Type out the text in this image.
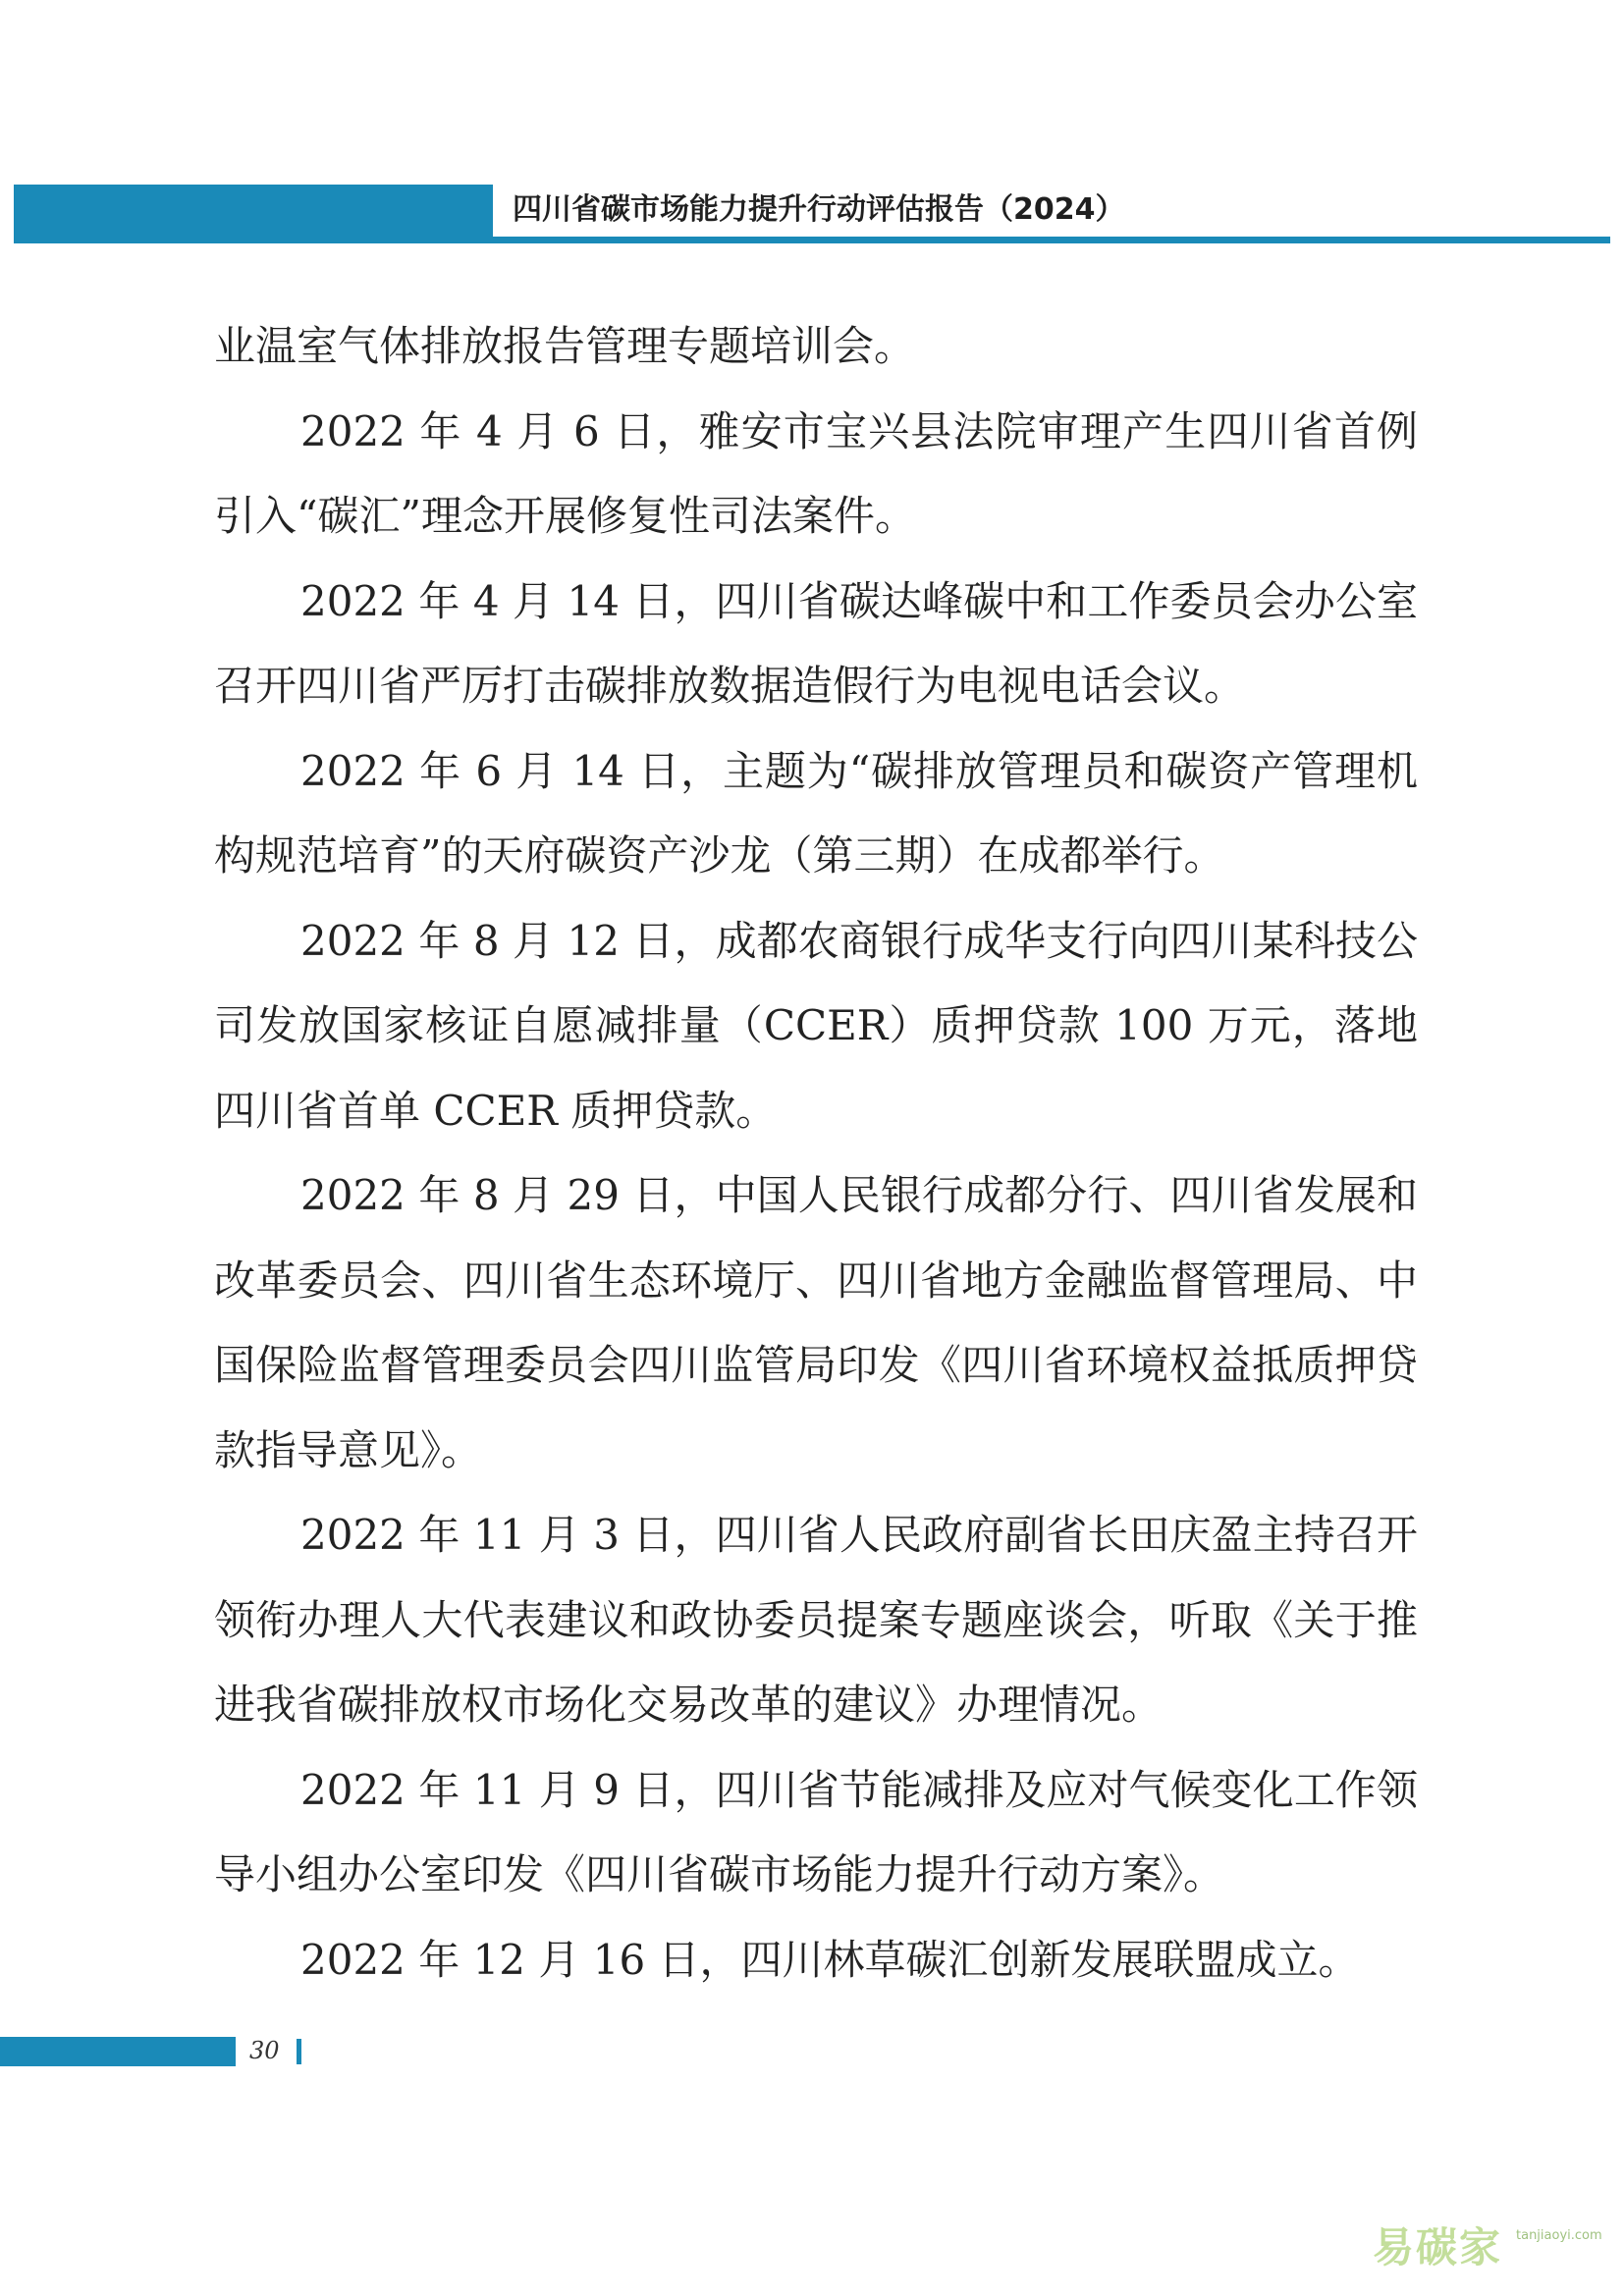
四川省碳市场能力提升行动评估报告（2024）

业温室气体排放报告管理专题培训会。

2022 年 4 月 6 日，雅安市宝兴县法院审理产生四川省首例引入“碳汇”理念开展修复性司法案件。

2022 年 4 月 14 日，四川省碳达峰碳中和工作委员会办公室召开四川省严厉打击碳排放数据造假行为电视电话会议。

2022 年 6 月 14 日，主题为“碳排放管理员和碳资产管理机构规范培育”的天府碳资产沙龙（第三期）在成都举行。

2022 年 8 月 12 日，成都农商银行成华支行向四川某科技公司发放国家核证自愿减排量（CCER）质押贷款 100 万元，落地四川省首单 CCER 质押贷款。

2022 年 8 月 29 日，中国人民银行成都分行、四川省发展和改革委员会、四川省生态环境厅、四川省地方金融监督管理局、中国保险监督管理委员会四川监管局印发《四川省环境权益抵质押贷款指导意见》。

2022 年 11 月 3 日，四川省人民政府副省长田庆盈主持召开领衔办理人大代表建议和政协委员提案专题座谈会，听取《关于推进我省碳排放权市场化交易改革的建议》办理情况。

2022 年 11 月 9 日，四川省节能减排及应对气候变化工作领导小组办公室印发《四川省碳市场能力提升行动方案》。

2022 年 12 月 16 日，四川林草碳汇创新发展联盟成立。

30
易碳家 tanjiaoyi.com
